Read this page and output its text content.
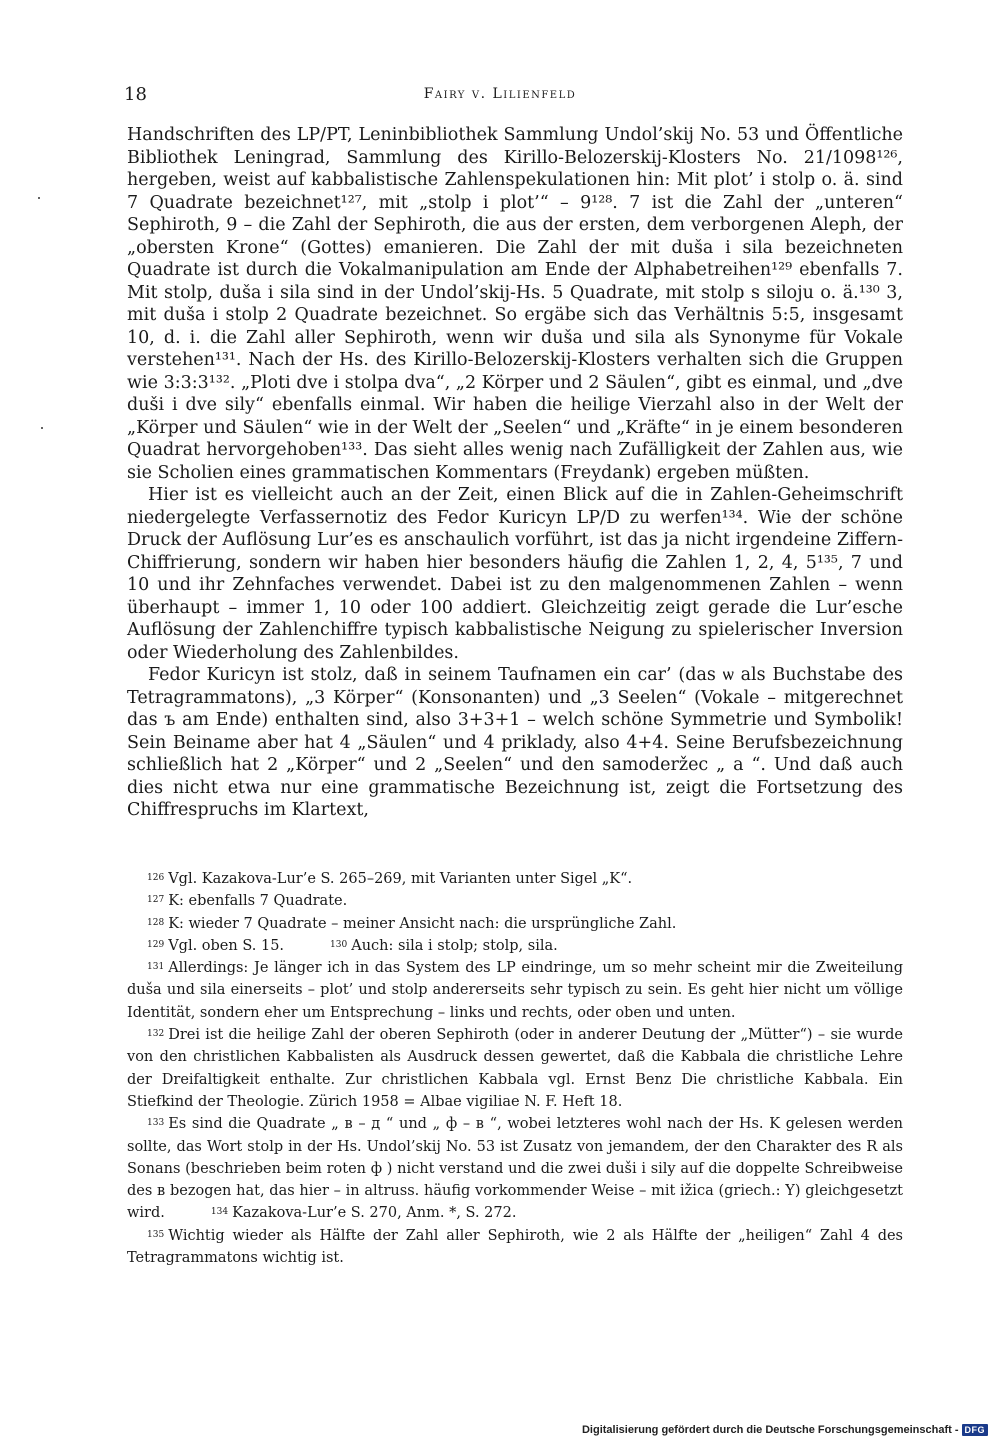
18	Fairy v. Lilienfeld

Handschriften des LP/PT, Leninbibliothek Sammlung Undol’skij No. 53 und Öffentliche Bibliothek Leningrad, Sammlung des Kirillo-Belozerskij-Klosters No. 21/1098¹²⁶, hergeben, weist auf kabbalistische Zahlenspekulationen hin: Mit plot’ i stolp o. ä. sind 7 Quadrate bezeichnet¹²⁷, mit „stolp i plot’“ – 9¹²⁸. 7 ist die Zahl der „unteren“ Sephiroth, 9 – die Zahl der Sephiroth, die aus der ersten, dem verborgenen Aleph, der „obersten Krone“ (Gottes) emanieren. Die Zahl der mit duša i sila bezeichneten Quadrate ist durch die Vokalmanipulation am Ende der Alphabetreihen¹²⁹ ebenfalls 7. Mit stolp, duša i sila sind in der Undol’skij-Hs. 5 Quadrate, mit stolp s siloju o. ä.¹³⁰ 3, mit duša i stolp 2 Quadrate bezeichnet. So ergäbe sich das Verhältnis 5:5, insgesamt 10, d. i. die Zahl aller Sephiroth, wenn wir duša und sila als Synonyme für Vokale verstehen¹³¹. Nach der Hs. des Kirillo-Belozerskij-Klosters verhalten sich die Gruppen wie 3:3:3¹³². „Ploti dve i stolpa dva“, „2 Körper und 2 Säulen“, gibt es einmal, und „dve duši i dve sily“ ebenfalls einmal. Wir haben die heilige Vierzahl also in der Welt der „Körper und Säulen“ wie in der Welt der „Seelen“ und „Kräfte“ in je einem besonderen Quadrat hervorgehoben¹³³. Das sieht alles wenig nach Zufälligkeit der Zahlen aus, wie sie Scholien eines grammatischen Kommentars (Freydank) ergeben müßten.

Hier ist es vielleicht auch an der Zeit, einen Blick auf die in Zahlen-Geheimschrift niedergelegte Verfassernotiz des Fedor Kuricyn LP/D zu werfen¹³⁴. Wie der schöne Druck der Auflösung Lur’es es anschaulich vorführt, ist das ja nicht irgendeine Ziffern-Chiffrierung, sondern wir haben hier besonders häufig die Zahlen 1, 2, 4, 5¹³⁵, 7 und 10 und ihr Zehnfaches verwendet. Dabei ist zu den malgenommenen Zahlen – wenn überhaupt – immer 1, 10 oder 100 addiert. Gleichzeitig zeigt gerade die Lur’esche Auflösung der Zahlenchiffre typisch kabbalistische Neigung zu spielerischer Inversion oder Wiederholung des Zahlenbildes.

Fedor Kuricyn ist stolz, daß in seinem Taufnamen ein car’ (das ѡ als Buchstabe des Tetragrammatons), „3 Körper“ (Konsonanten) und „3 Seelen“ (Vokale – mitgerechnet das ъ am Ende) enthalten sind, also 3+3+1 – welch schöne Symmetrie und Symbolik! Sein Beiname aber hat 4 „Säulen“ und 4 priklady, also 4+4. Seine Berufsbezeichnung schließlich hat 2 „Körper“ und 2 „Seelen“ und den samoderžec „ а “. Und daß auch dies nicht etwa nur eine grammatische Bezeichnung ist, zeigt die Fortsetzung des Chiffrespruchs im Klartext,

$^{126}$ Vgl. Kazakova-Lur’e S. 265–269, mit Varianten unter Sigel „K“.

$^{127}$ K: ebenfalls 7 Quadrate.

$^{128}$ K: wieder 7 Quadrate – meiner Ansicht nach: die ursprüngliche Zahl.

$^{129}$ Vgl. oben S. 15.	$^{130}$ Auch: sila i stolp; stolp, sila.

$^{131}$ Allerdings: Je länger ich in das System des LP eindringe, um so mehr scheint mir die Zweiteilung duša und sila einerseits – plot’ und stolp andererseits sehr typisch zu sein. Es geht hier nicht um völlige Identität, sondern eher um Entsprechung – links und rechts, oder oben und unten.

$^{132}$ Drei ist die heilige Zahl der oberen Sephiroth (oder in anderer Deutung der „Mütter“) – sie wurde von den christlichen Kabbalisten als Ausdruck dessen gewertet, daß die Kabbala die christliche Lehre der Dreifaltigkeit enthalte. Zur christlichen Kabbala vgl. Ernst Benz Die christliche Kabbala. Ein Stiefkind der Theologie. Zürich 1958 = Albae vigiliae N. F. Heft 18.

$^{133}$ Es sind die Quadrate „ в – д “ und „ ф – в “, wobei letzteres wohl nach der Hs. K gelesen werden sollte, das Wort stolp in der Hs. Undol’skij No. 53 ist Zusatz von jemandem, der den Charakter des R als Sonans (beschrieben beim roten ф ) nicht verstand und die zwei duši i sily auf die doppelte Schreibweise des в bezogen hat, das hier – in altruss. häufig vorkommender Weise – mit ižica (griech.: Y) gleichgesetzt wird.	$^{134}$ Kazakova-Lur’e S. 270, Anm. *, S. 272.

$^{135}$ Wichtig wieder als Hälfte der Zahl aller Sephiroth, wie 2 als Hälfte der „heiligen“ Zahl 4 des Tetragrammatons wichtig ist.

Digitalisierung gefördert durch die Deutsche Forschungsgemeinschaft - DFG
